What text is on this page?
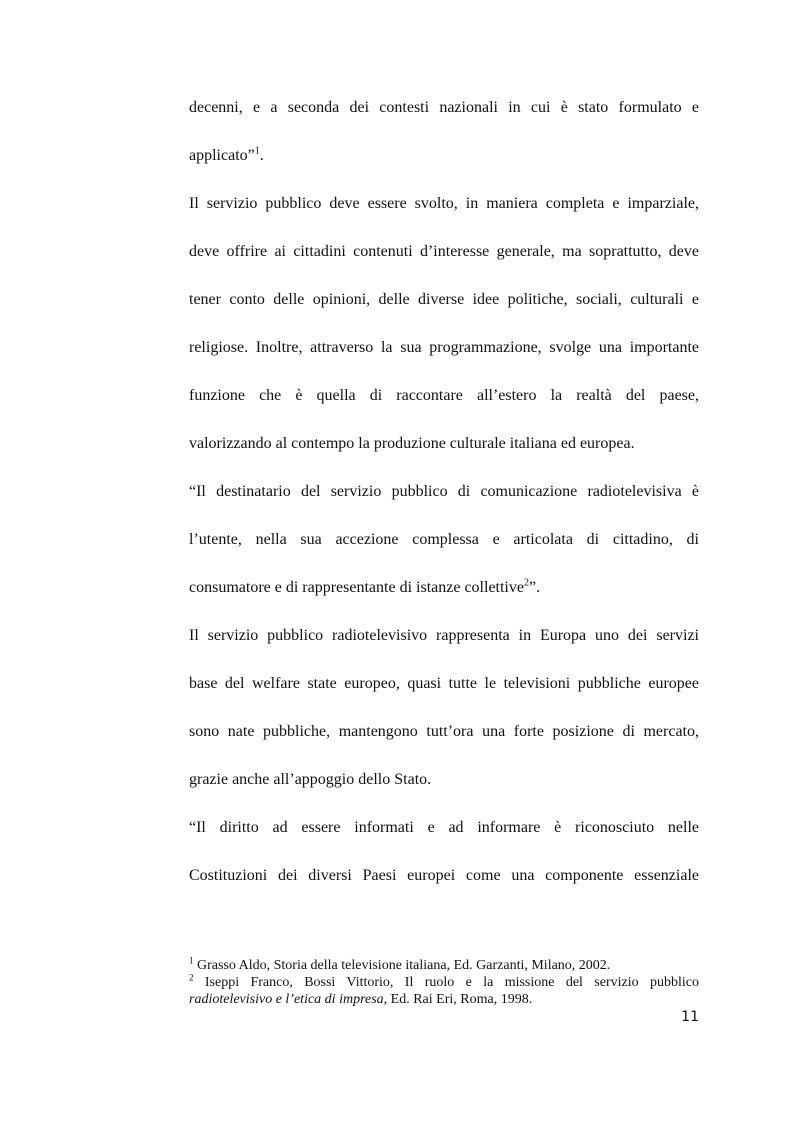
decenni, e a seconda dei contesti nazionali in cui è stato formulato e
applicato”$^1$.
Il servizio pubblico deve essere svolto, in maniera completa e imparziale,
deve offrire ai cittadini contenuti d’interesse generale, ma soprattutto, deve
tener conto delle opinioni, delle diverse idee politiche, sociali, culturali e
religiose. Inoltre, attraverso la sua programmazione, svolge una importante
funzione che è quella di raccontare all’estero la realtà del paese,
valorizzando al contempo la produzione culturale italiana ed europea.
“Il destinatario del servizio pubblico di comunicazione radiotelevisiva è
l’utente, nella sua accezione complessa e articolata di cittadino, di
consumatore e di rappresentante di istanze collettive$^2$”.
Il servizio pubblico radiotelevisivo rappresenta in Europa uno dei servizi
base del welfare state europeo, quasi tutte le televisioni pubbliche europee
sono nate pubbliche, mantengono tutt’ora una forte posizione di mercato,
grazie anche all’appoggio dello Stato.
“Il diritto ad essere informati e ad informare è riconosciuto nelle
Costituzioni dei diversi Paesi europei come una componente essenziale
$^1$ Grasso Aldo, Storia della televisione italiana, Ed. Garzanti, Milano, 2002.
$^2$ Iseppi Franco, Bossi Vittorio, Il ruolo e la missione del servizio pubblico
radiotelevisivo e l’etica di impresa, Ed. Rai Eri, Roma, 1998.
11
